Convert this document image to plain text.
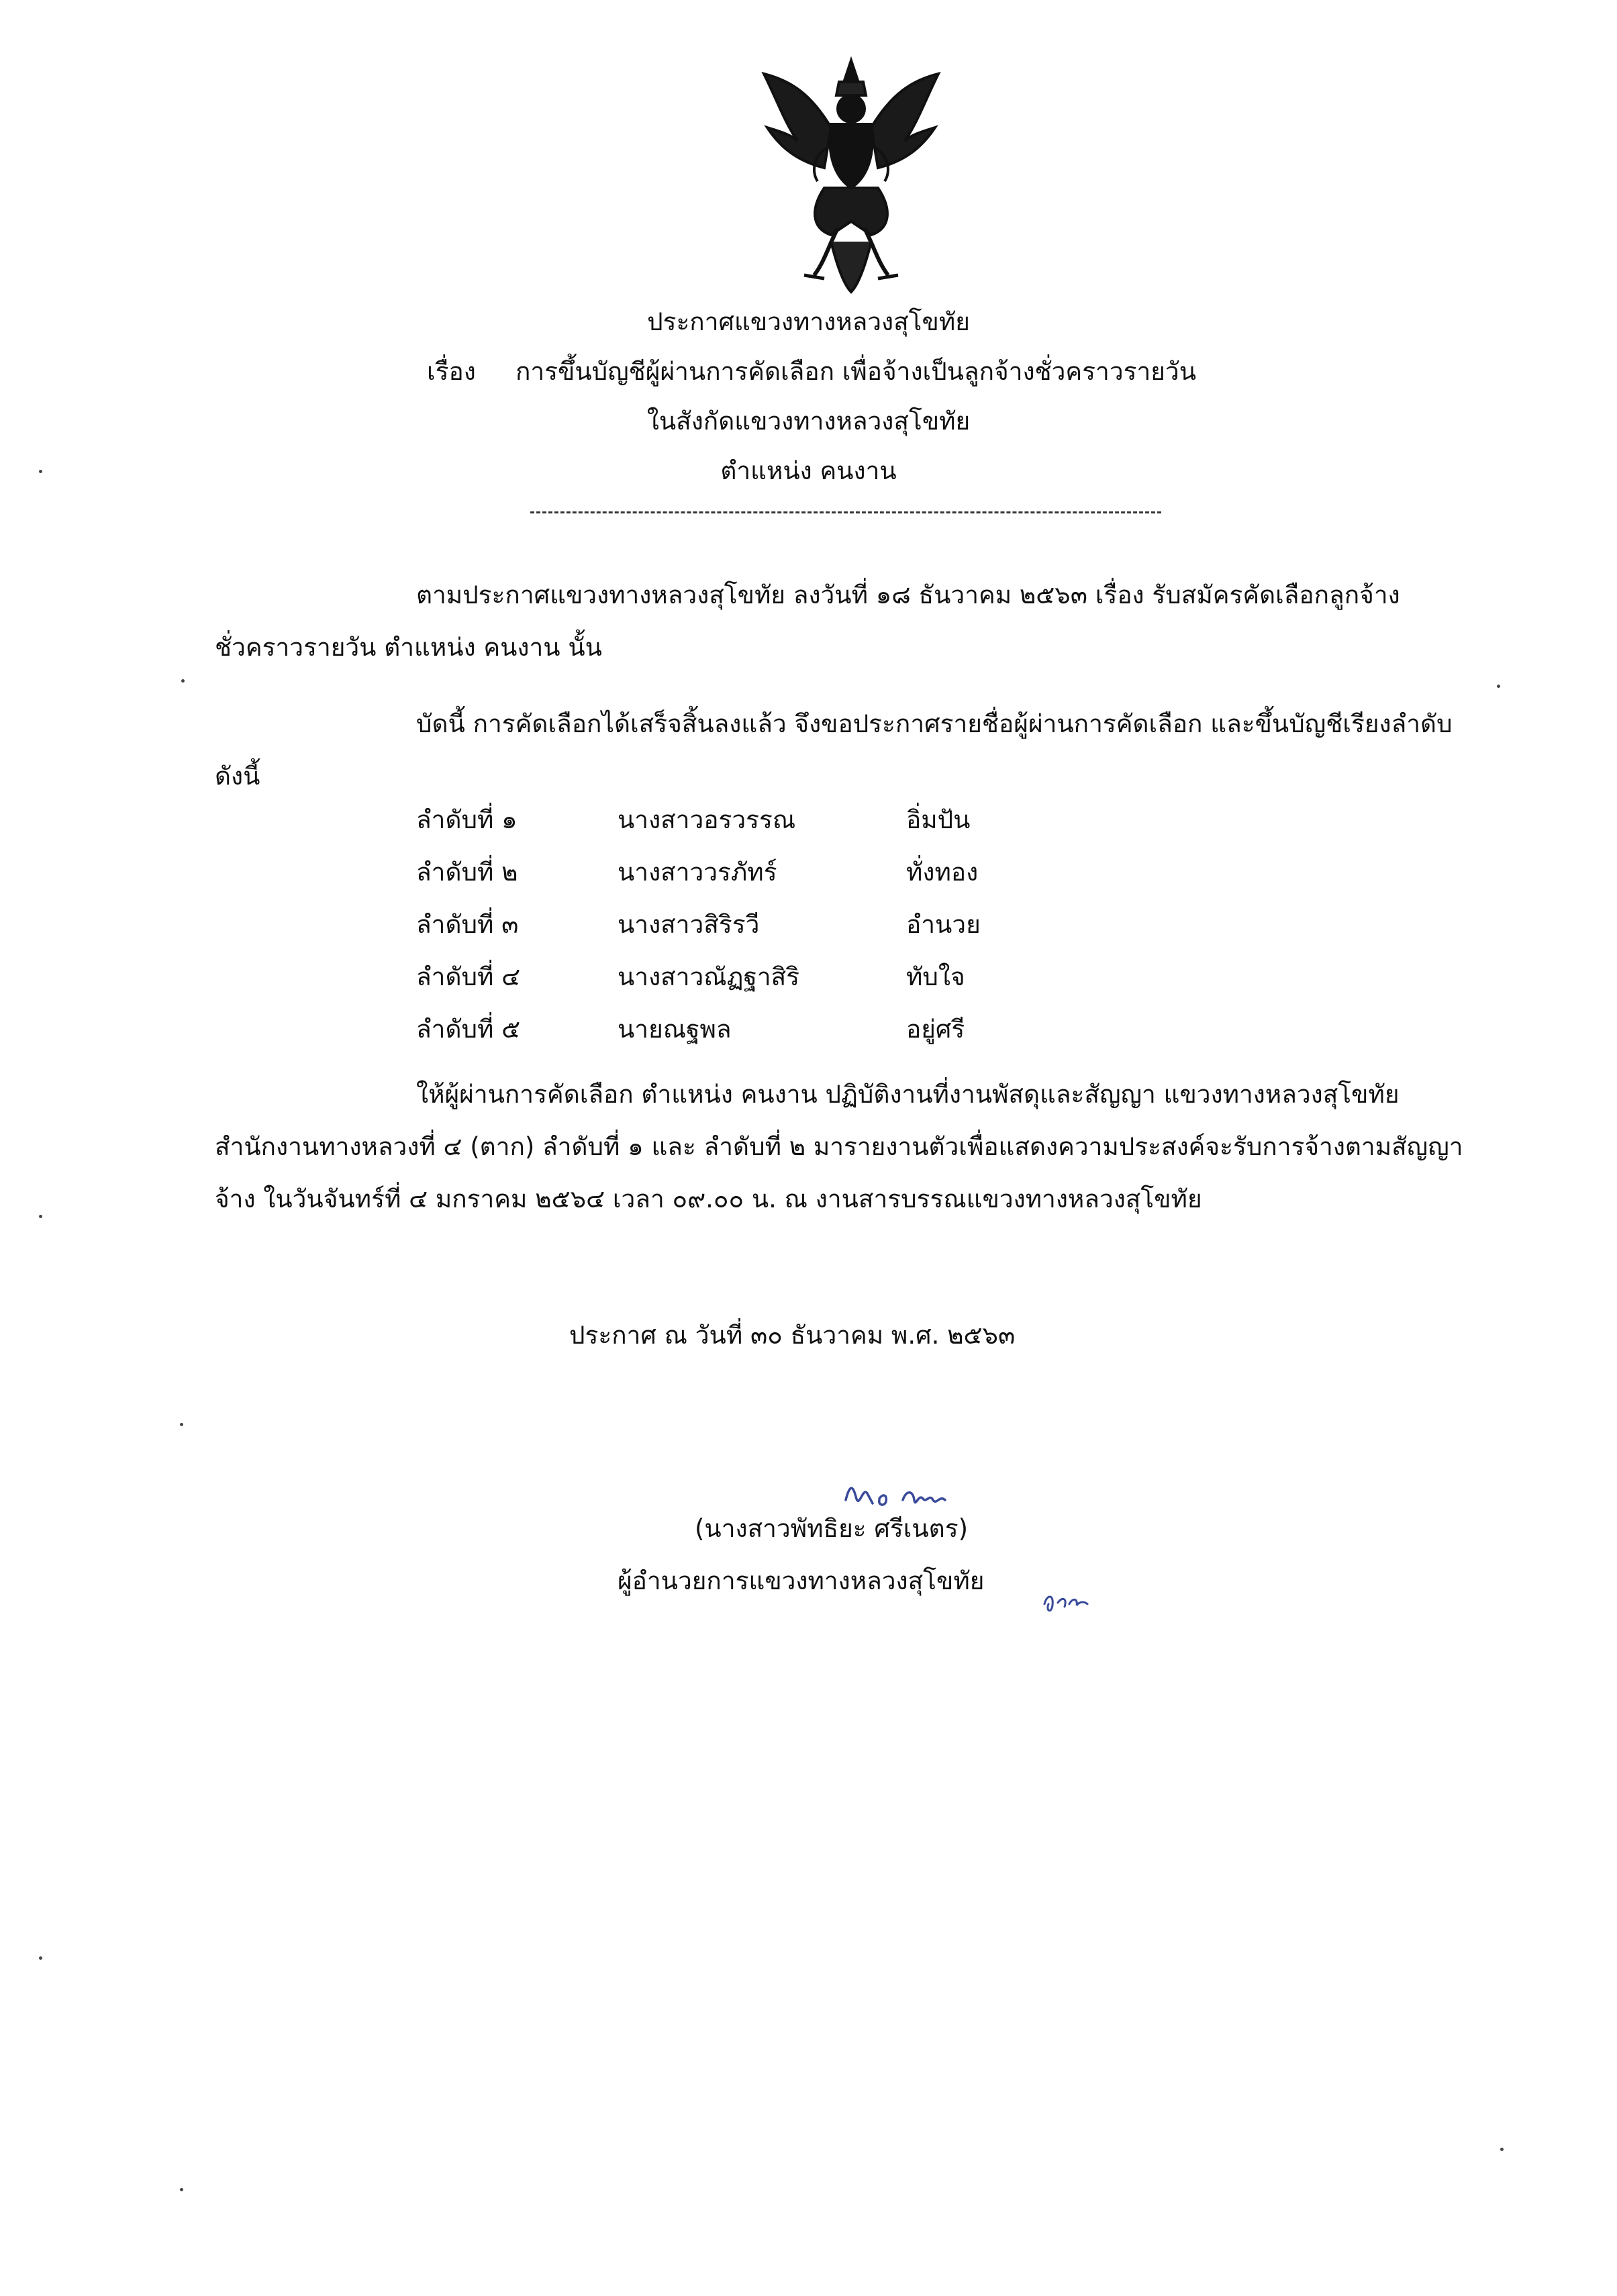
ประกาศแขวงทางหลวงสุโขทัย
เรื่อง การขึ้นบัญชีผู้ผ่านการคัดเลือก เพื่อจ้างเป็นลูกจ้างชั่วคราวรายวัน
ในสังกัดแขวงทางหลวงสุโขทัย
ตำแหน่ง คนงาน
ตามประกาศแขวงทางหลวงสุโขทัย ลงวันที่ ๑๘ ธันวาคม ๒๕๖๓ เรื่อง รับสมัครคัดเลือกลูกจ้างชั่วคราวรายวัน ตำแหน่ง คนงาน นั้น
บัดนี้ การคัดเลือกได้เสร็จสิ้นลงแล้ว จึงขอประกาศรายชื่อผู้ผ่านการคัดเลือก และขึ้นบัญชีเรียงลำดับดังนี้
ลำดับที่ ๑	นางสาวอรวรรณ	อิ่มปัน
ลำดับที่ ๒	นางสาววรภัทร์	ทั่งทอง
ลำดับที่ ๓	นางสาวสิริรวี	อำนวย
ลำดับที่ ๔	นางสาวณัฏฐาสิริ	ทับใจ
ลำดับที่ ๕	นายณฐพล	อยู่ศรี
ให้ผู้ผ่านการคัดเลือก ตำแหน่ง คนงาน ปฏิบัติงานที่งานพัสดุและสัญญา แขวงทางหลวงสุโขทัย สำนักงานทางหลวงที่ ๔ (ตาก) ลำดับที่ ๑ และ ลำดับที่ ๒ มารายงานตัวเพื่อแสดงความประสงค์จะรับการจ้างตามสัญญาจ้าง ในวันจันทร์ที่ ๔ มกราคม ๒๕๖๔ เวลา ๐๙.๐๐ น. ณ งานสารบรรณแขวงทางหลวงสุโขทัย
ประกาศ ณ วันที่ ๓๐ ธันวาคม พ.ศ. ๒๕๖๓
(นางสาวพัทธิยะ ศรีเนตร)
ผู้อำนวยการแขวงทางหลวงสุโขทัย
